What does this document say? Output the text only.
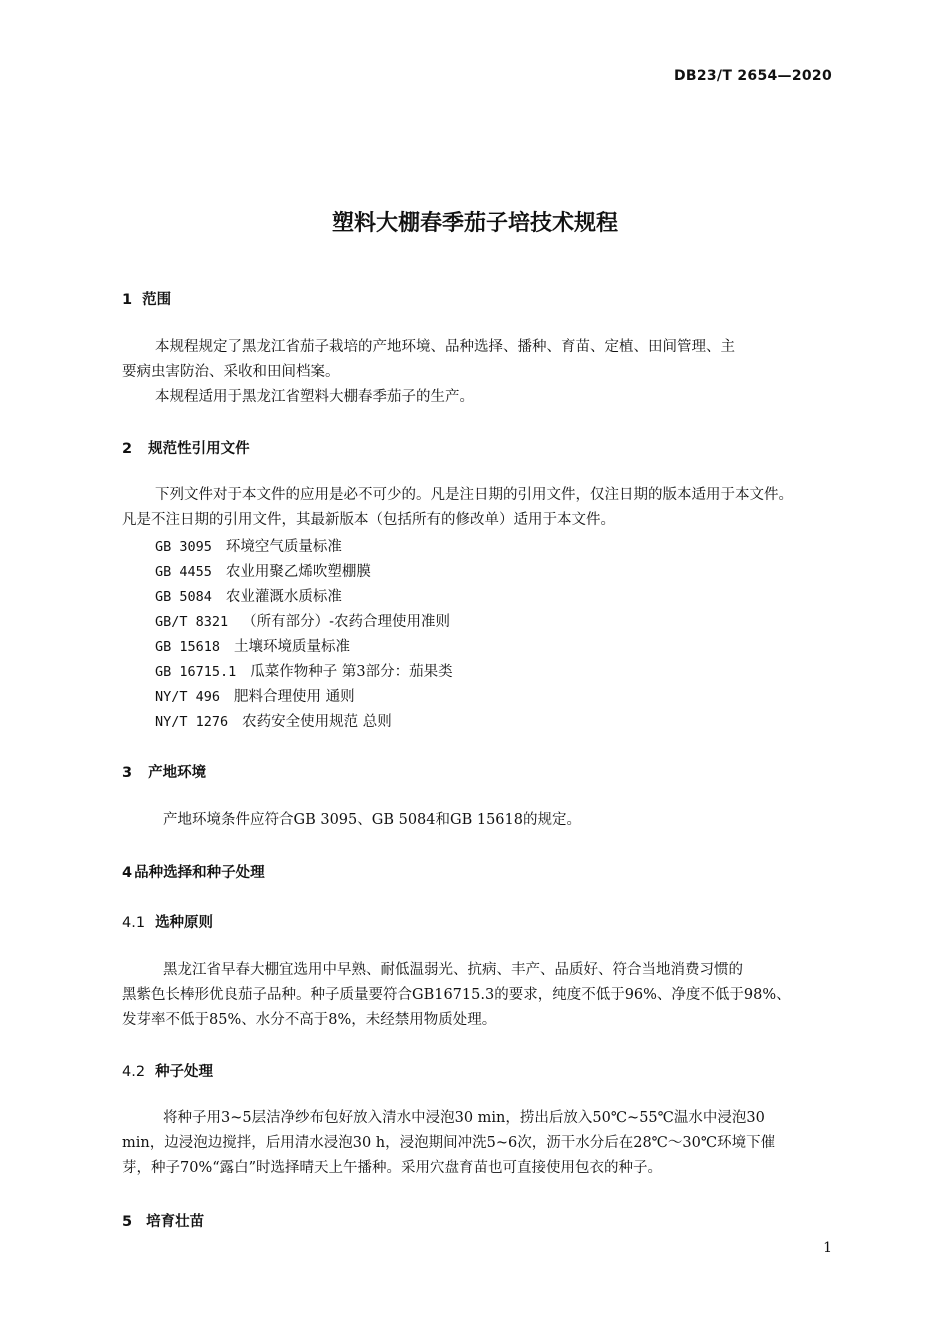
DB23/T 2654—2020
塑料大棚春季茄子培技术规程
1 范围
本规程规定了黑龙江省茄子栽培的产地环境、品种选择、播种、育苗、定植、田间管理、主
要病虫害防治、采收和田间档案。
本规程适用于黑龙江省塑料大棚春季茄子的生产。
2 规范性引用文件
下列文件对于本文件的应用是必不可少的。凡是注日期的引用文件，仅注日期的版本适用于本文件。
凡是不注日期的引用文件，其最新版本（包括所有的修改单）适用于本文件。
GB 3095 环境空气质量标准
GB 4455 农业用聚乙烯吹塑棚膜
GB 5084 农业灌溉水质标准
GB/T 8321 （所有部分）-农药合理使用准则
GB 15618 土壤环境质量标准
GB 16715.1 瓜菜作物种子 第3部分：茄果类
NY/T 496 肥料合理使用 通则
NY/T 1276 农药安全使用规范 总则
3 产地环境
产地环境条件应符合GB 3095、GB 5084和GB 15618的规定。
4 品种选择和种子处理
4.1 选种原则
黑龙江省早春大棚宜选用中早熟、耐低温弱光、抗病、丰产、品质好、符合当地消费习惯的
黑紫色长棒形优良茄子品种。种子质量要符合GB16715.3的要求，纯度不低于96%、净度不低于98%、
发芽率不低于85%、水分不高于8%，未经禁用物质处理。
4.2 种子处理
将种子用3~5层洁净纱布包好放入清水中浸泡30 min，捞出后放入50℃~55℃温水中浸泡30
min，边浸泡边搅拌，后用清水浸泡30 h，浸泡期间冲洗5~6次，沥干水分后在28℃～30℃环境下催
芽，种子70%“露白”时选择晴天上午播种。采用穴盘育苗也可直接使用包衣的种子。
5 培育壮苗
1
